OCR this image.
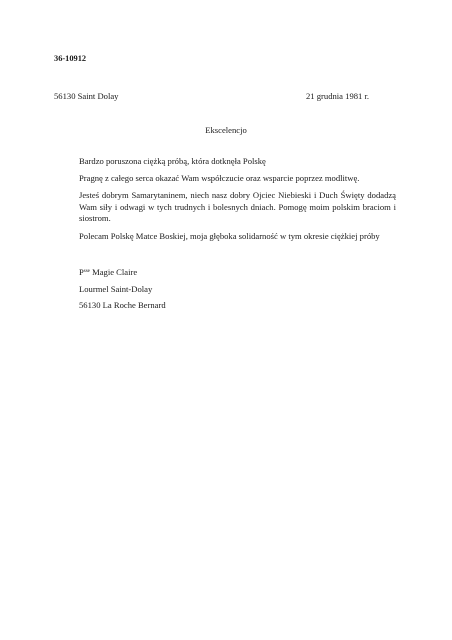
36-10912
56130 Saint Dolay	21 grudnia 1981 r.
Ekscelencjo

Bardzo poruszona ciężką próbą, która dotknęła Polskę

Pragnę z całego serca okazać Wam współczucie oraz wsparcie poprzez modlitwę.

Jesteś dobrym Samarytaninem, niech nasz dobry Ojciec Niebieski i Duch Święty dodadzą Wam siły i odwagi w tych trudnych i bolesnych dniach. Pomogę moim polskim braciom i siostrom.

Polecam Polskę Matce Boskiej, moja głęboka solidarność w tym okresie ciężkiej próby

$P^{sse}$ Magie Claire
Lourmel Saint-Dolay
56130 La Roche Bernard
